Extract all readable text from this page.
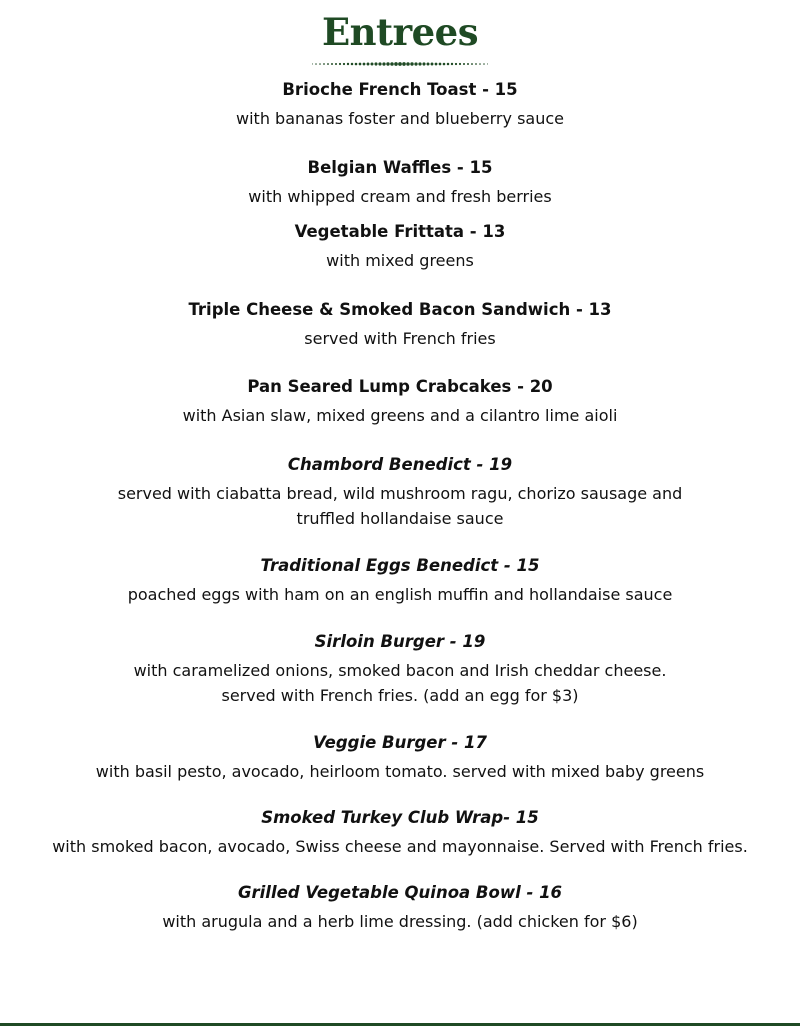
Entrees
Brioche French Toast - 15
with bananas foster and blueberry sauce
Belgian Waffles - 15
with whipped cream and fresh berries
Vegetable Frittata - 13
with mixed greens
Triple Cheese & Smoked Bacon Sandwich - 13
served with French fries
Pan Seared Lump Crabcakes - 20
with Asian slaw, mixed greens and a cilantro lime aioli
Chambord Benedict - 19
served with ciabatta bread, wild mushroom ragu, chorizo sausage and
truffled hollandaise sauce
Traditional Eggs Benedict - 15
poached eggs with ham on an english muffin and hollandaise sauce
Sirloin Burger - 19
with caramelized onions, smoked bacon and Irish cheddar cheese.
served with French fries. (add an egg for $3)
Veggie Burger - 17
with basil pesto, avocado, heirloom tomato. served with mixed baby greens
Smoked Turkey Club Wrap- 15
with smoked bacon, avocado, Swiss cheese and mayonnaise. Served with French fries.
Grilled Vegetable Quinoa Bowl - 16
with arugula and a herb lime dressing. (add chicken for $6)
